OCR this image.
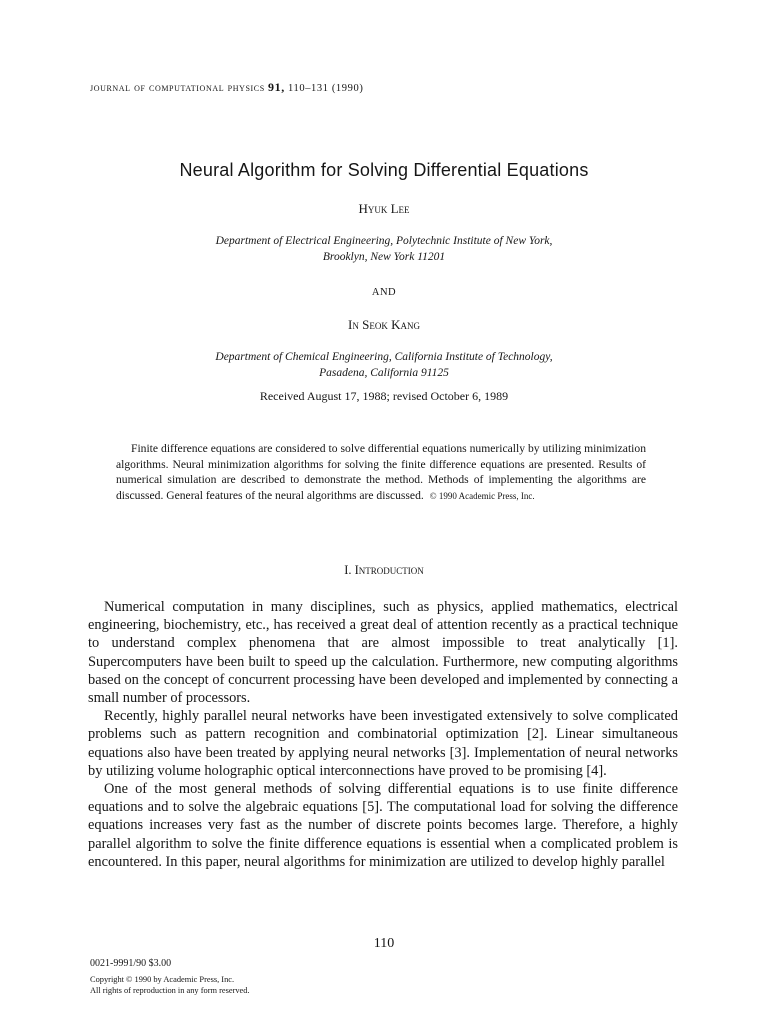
journal of computational physics 91, 110–131 (1990)
Neural Algorithm for Solving Differential Equations
Hyuk Lee
Department of Electrical Engineering, Polytechnic Institute of New York,
Brooklyn, New York 11201
AND
In Seok Kang
Department of Chemical Engineering, California Institute of Technology,
Pasadena, California 91125
Received August 17, 1988; revised October 6, 1989
Finite difference equations are considered to solve differential equations numerically by utilizing minimization algorithms. Neural minimization algorithms for solving the finite difference equations are presented. Results of numerical simulation are described to demonstrate the method. Methods of implementing the algorithms are discussed. General features of the neural algorithms are discussed. © 1990 Academic Press, Inc.
I. Introduction

Numerical computation in many disciplines, such as physics, applied mathematics, electrical engineering, biochemistry, etc., has received a great deal of attention recently as a practical technique to understand complex phenomena that are almost impossible to treat analytically [1]. Supercomputers have been built to speed up the calculation. Furthermore, new computing algorithms based on the concept of concurrent processing have been developed and implemented by connecting a small number of processors.

Recently, highly parallel neural networks have been investigated extensively to solve complicated problems such as pattern recognition and combinatorial optimization [2]. Linear simultaneous equations also have been treated by applying neural networks [3]. Implementation of neural networks by utilizing volume holographic optical interconnections have proved to be promising [4].

One of the most general methods of solving differential equations is to use finite difference equations and to solve the algebraic equations [5]. The computational load for solving the difference equations increases very fast as the number of discrete points becomes large. Therefore, a highly parallel algorithm to solve the finite difference equations is essential when a complicated problem is encountered. In this paper, neural algorithms for minimization are utilized to develop highly parallel

110
0021-9991/90 $3.00
Copyright © 1990 by Academic Press, Inc.
All rights of reproduction in any form reserved.
